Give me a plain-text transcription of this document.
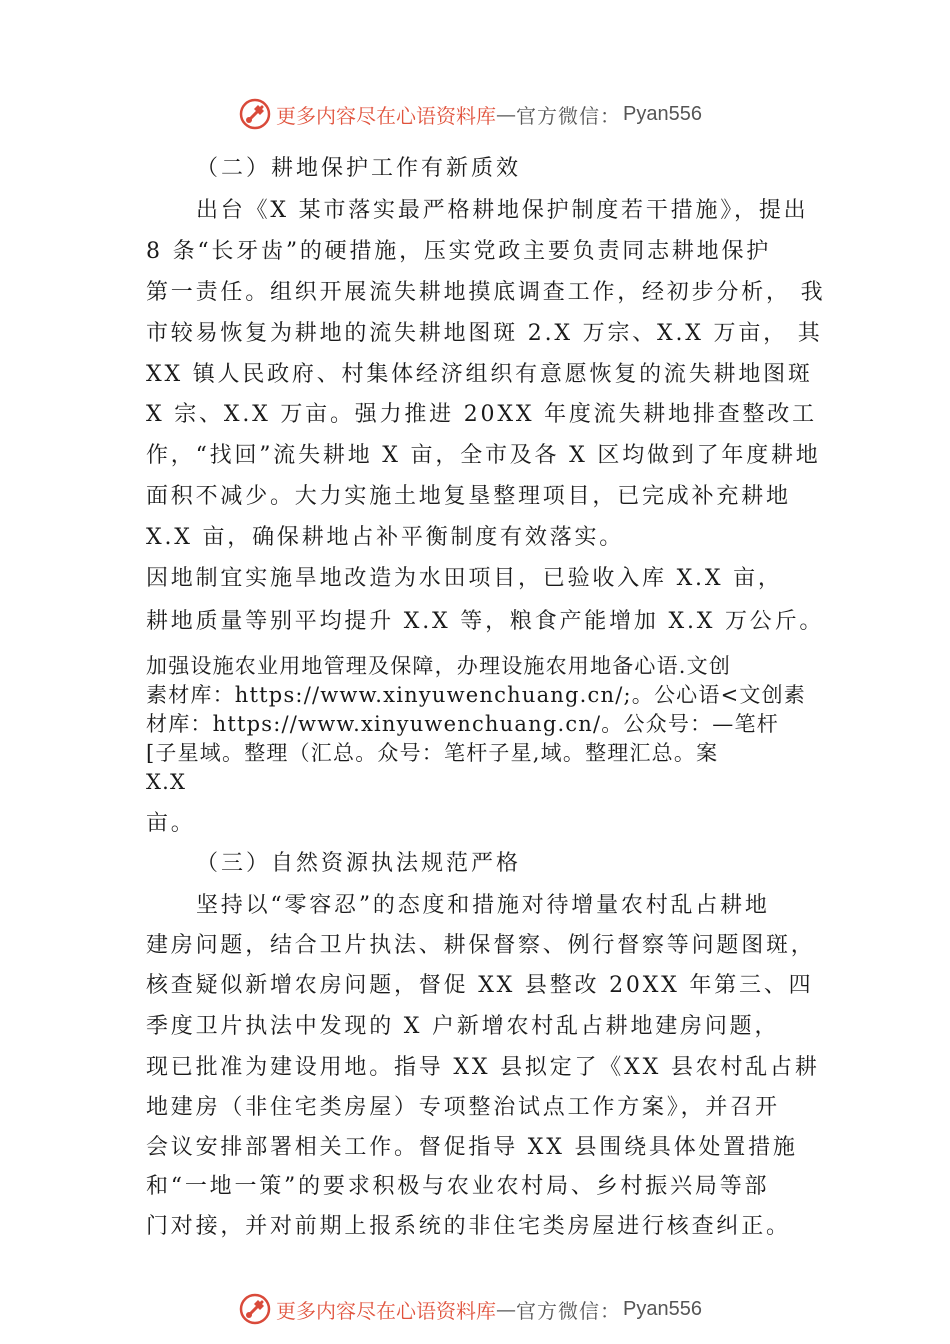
更多内容尽在心语资料库 — 官方微信： Pyan556
（二）耕地保护工作有新质效
出台《X 某市落实最严格耕地保护制度若干措施》，提出
8 条“长牙齿”的硬措施，压实党政主要负责同志耕地保护
第一责任。组织开展流失耕地摸底调查工作，经初步分析， 我
市较易恢复为耕地的流失耕地图斑 2.X 万宗、X.X 万亩， 其
XX 镇人民政府、村集体经济组织有意愿恢复的流失耕地图斑
X 宗、X.X 万亩。强力推进 20XX 年度流失耕地排查整改工
作，“找回”流失耕地 X 亩，全市及各 X 区均做到了年度耕地
面积不减少。大力实施土地复垦整理项目，已完成补充耕地
X.X 亩，确保耕地占补平衡制度有效落实。
因地制宜实施旱地改造为水田项目，已验收入库 X.X 亩，
耕地质量等别平均提升 X.X 等，粮食产能增加 X.X 万公斤。
加强设施农业用地管理及保障，办理设施农用地备心语.文创
素材库：https://www.xinyuwenchuang.cn/;。公心语<文创素
材库：https://www.xinyuwenchuang.cn/。公众号：—笔杆
[子星域。整理（汇总。众号：笔杆子星,域。整理汇总。案
X.X
亩。
（三）自然资源执法规范严格
坚持以“零容忍”的态度和措施对待增量农村乱占耕地
建房问题，结合卫片执法、耕保督察、例行督察等问题图斑，
核查疑似新增农房问题，督促 XX 县整改 20XX 年第三、四
季度卫片执法中发现的 X 户新增农村乱占耕地建房问题，
现已批准为建设用地。指导 XX 县拟定了《XX 县农村乱占耕
地建房（非住宅类房屋）专项整治试点工作方案》，并召开
会议安排部署相关工作。督促指导 XX 县围绕具体处置措施
和“一地一策”的要求积极与农业农村局、乡村振兴局等部
门对接，并对前期上报系统的非住宅类房屋进行核查纠正。
更多内容尽在心语资料库 — 官方微信： Pyan556
